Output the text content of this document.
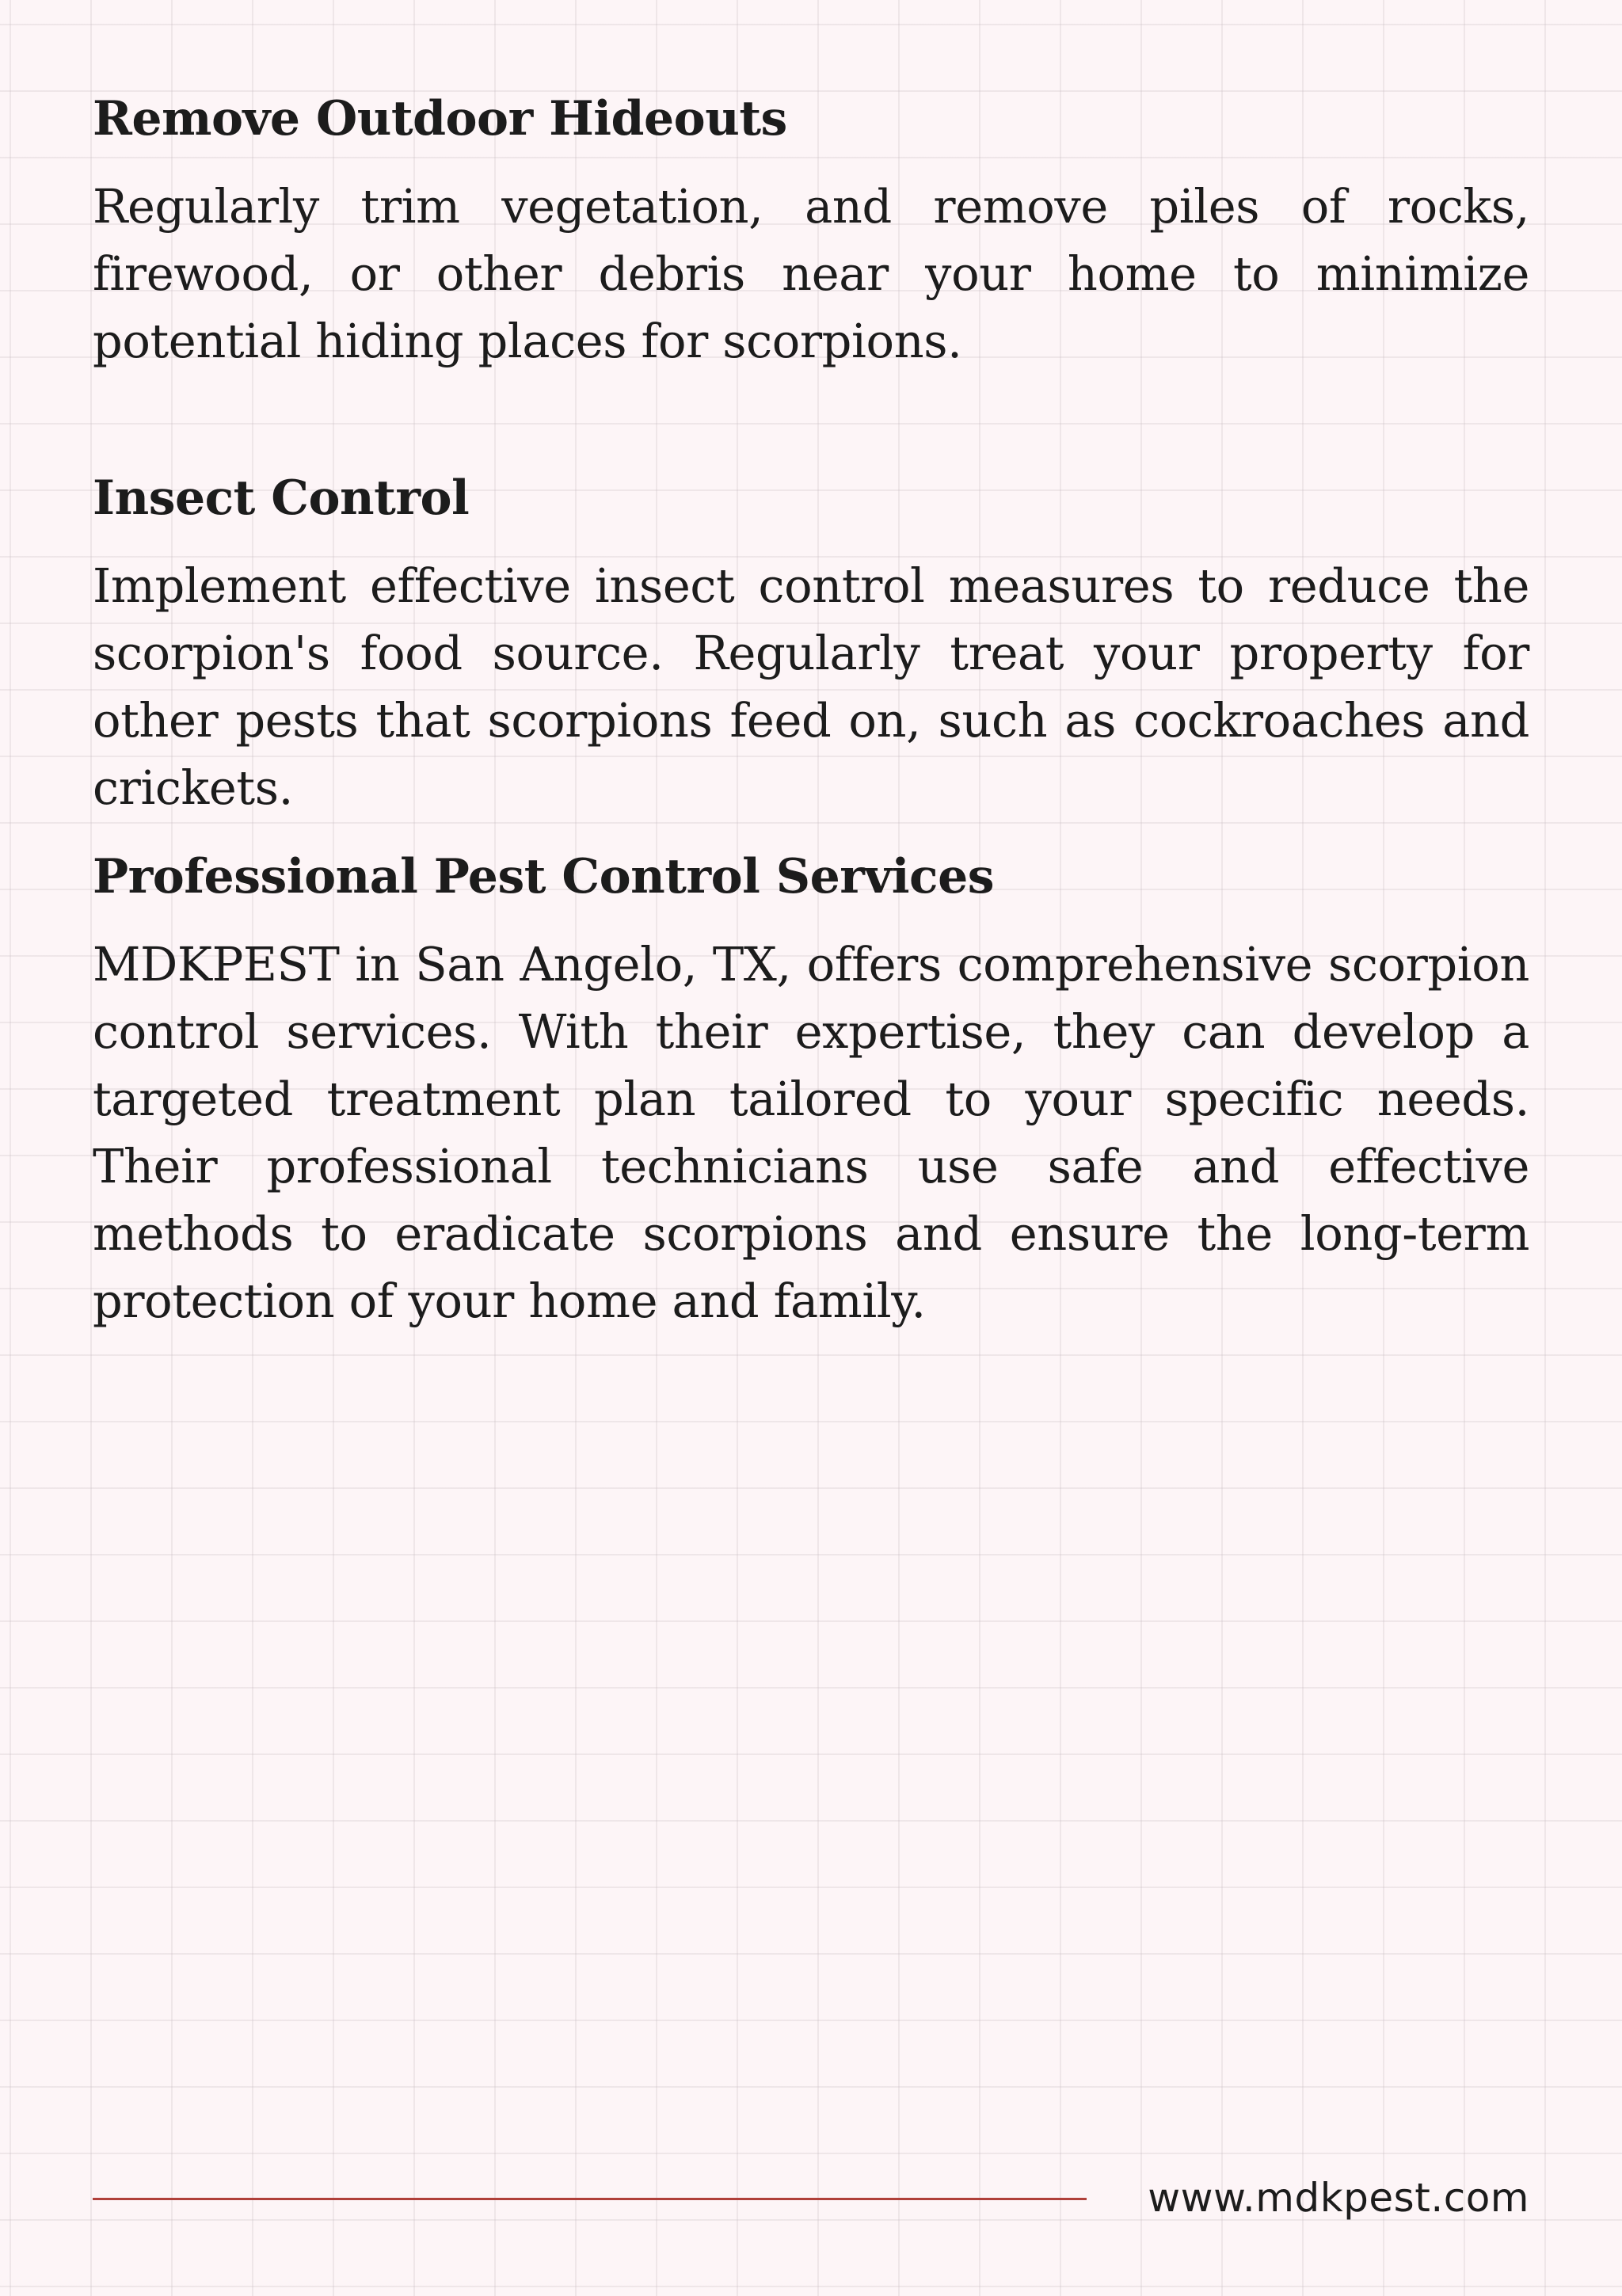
Remove Outdoor Hideouts

Regularly trim vegetation, and remove piles of rocks, firewood, or other debris near your home to minimize potential hiding places for scorpions.

Insect Control

Implement effective insect control measures to reduce the scorpion's food source. Regularly treat your property for other pests that scorpions feed on, such as cockroaches and crickets.

Professional Pest Control Services

MDKPEST in San Angelo, TX, offers comprehensive scorpion control services. With their expertise, they can develop a targeted treatment plan tailored to your specific needs. Their professional technicians use safe and effective methods to eradicate scorpions and ensure the long-term protection of your home and family.

www.mdkpest.com
